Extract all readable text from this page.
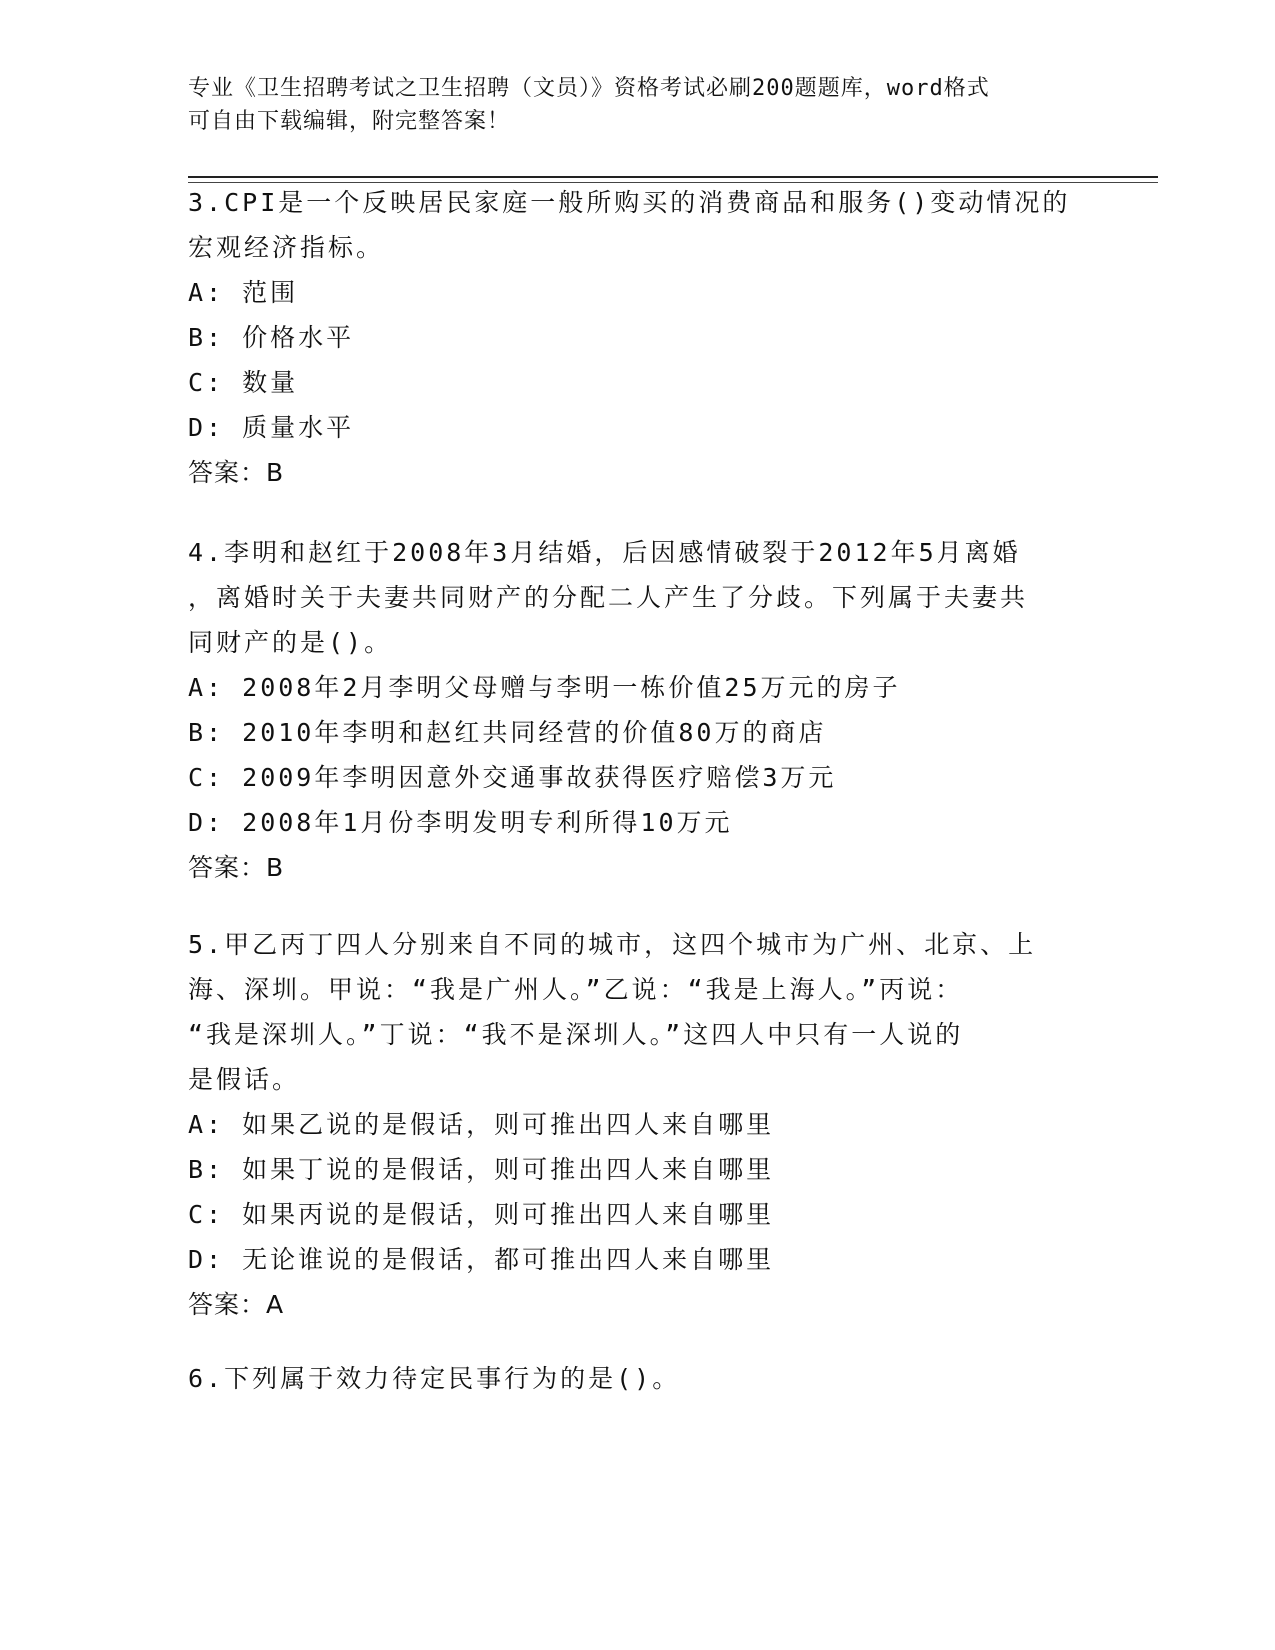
专业《卫生招聘考试之卫生招聘（文员）》资格考试必刷200题题库，word格式
可自由下载编辑，附完整答案！
3.CPI是一个反映居民家庭一般所购买的消费商品和服务()变动情况的
宏观经济指标。
A: 范围
B: 价格水平
C: 数量
D: 质量水平
答案：B
4.李明和赵红于2008年3月结婚，后因感情破裂于2012年5月离婚
，离婚时关于夫妻共同财产的分配二人产生了分歧。下列属于夫妻共
同财产的是()。
A: 2008年2月李明父母赠与李明一栋价值25万元的房子
B: 2010年李明和赵红共同经营的价值80万的商店
C: 2009年李明因意外交通事故获得医疗赔偿3万元
D: 2008年1月份李明发明专利所得10万元
答案：B
5.甲乙丙丁四人分别来自不同的城市，这四个城市为广州、北京、上
海、深圳。甲说：“我是广州人。”乙说：“我是上海人。”丙说：
“我是深圳人。”丁说：“我不是深圳人。”这四人中只有一人说的
是假话。
A: 如果乙说的是假话，则可推出四人来自哪里
B: 如果丁说的是假话，则可推出四人来自哪里
C: 如果丙说的是假话，则可推出四人来自哪里
D: 无论谁说的是假话，都可推出四人来自哪里
答案：A
6.下列属于效力待定民事行为的是()。
